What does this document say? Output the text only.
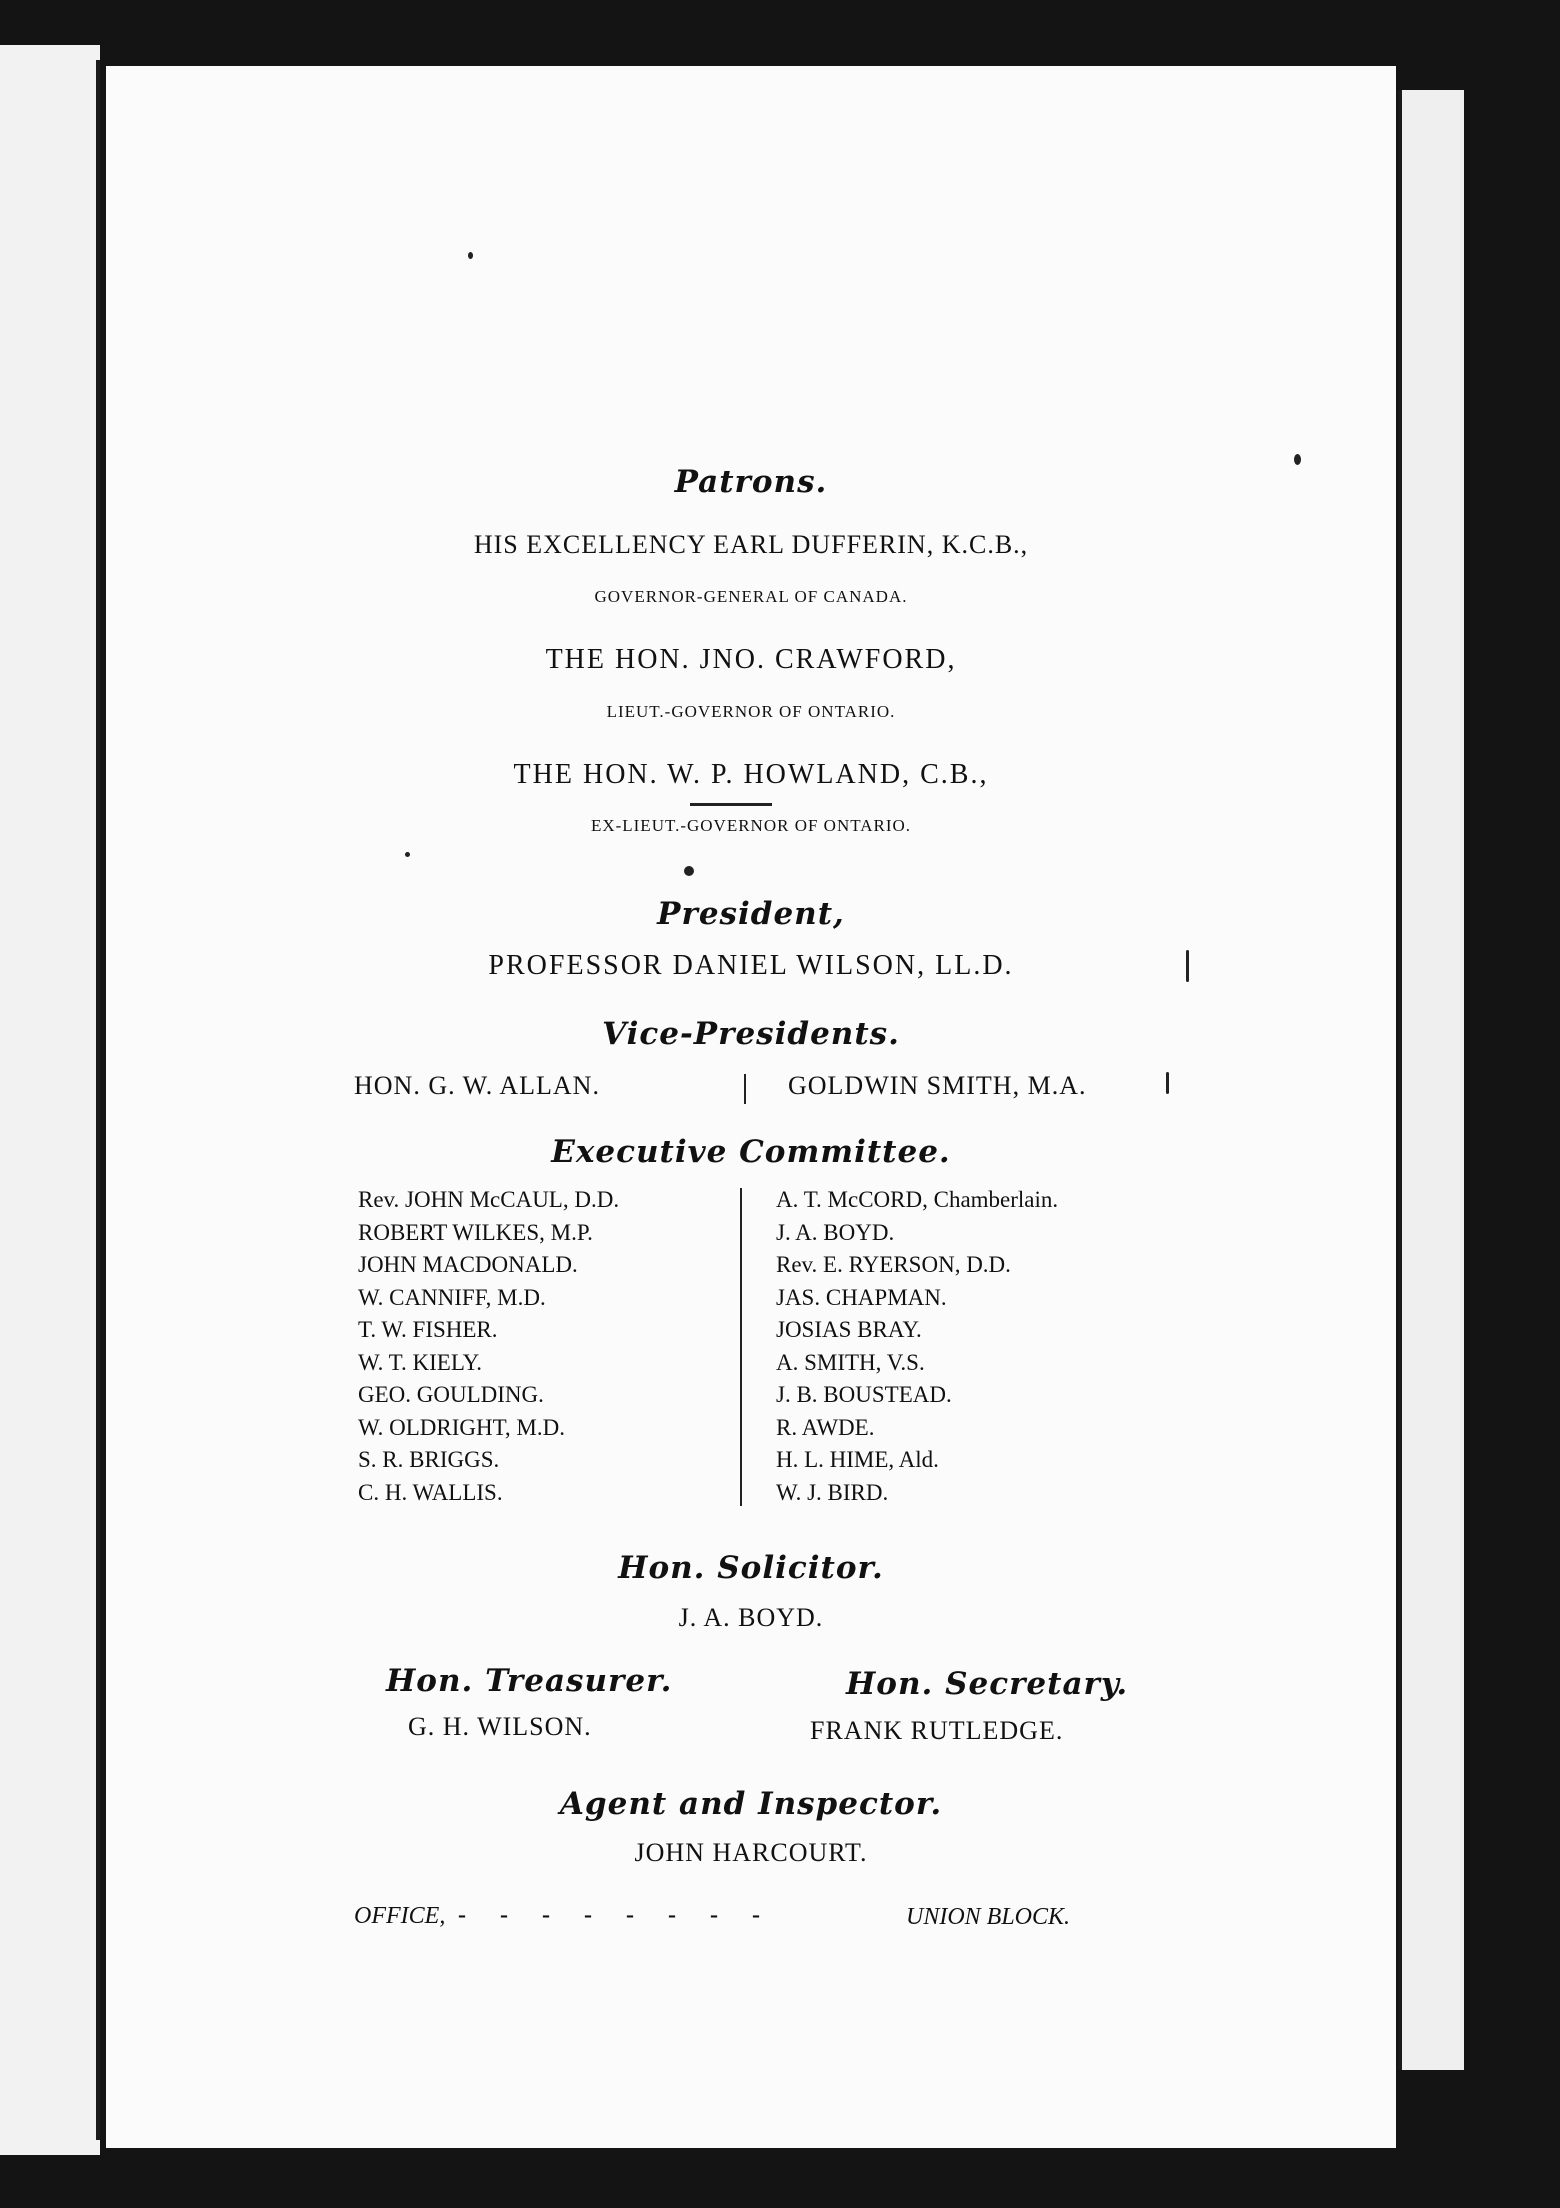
Patrons.

HIS EXCELLENCY EARL DUFFERIN, K.C.B.,

GOVERNOR-GENERAL OF CANADA.

THE HON. JNO. CRAWFORD,

LIEUT.-GOVERNOR OF ONTARIO.

THE HON. W. P. HOWLAND, C.B.,

EX-LIEUT.-GOVERNOR OF ONTARIO.

President,

PROFESSOR DANIEL WILSON, LL.D.

Vice-Presidents.

HON. G. W. ALLAN.	GOLDWIN SMITH, M.A.

Executive Committee.

Rev. JOHN McCAUL, D.D.
ROBERT WILKES, M.P.
JOHN MACDONALD.
W. CANNIFF, M.D.
T. W. FISHER.
W. T. KIELY.
GEO. GOULDING.
W. OLDRIGHT, M.D.
S. R. BRIGGS.
C. H. WALLIS.
A. T. McCORD, Chamberlain.
J. A. BOYD.
Rev. E. RYERSON, D.D.
JAS. CHAPMAN.
JOSIAS BRAY.
A. SMITH, V.S.
J. B. BOUSTEAD.
R. AWDE.
H. L. HIME, Ald.
W. J. BIRD.

Hon. Solicitor.

J. A. BOYD.

Hon. Treasurer.

G. H. WILSON.

Hon. Secretary.

FRANK RUTLEDGE.

Agent and Inspector.

JOHN HARCOURT.

OFFICE, - - - - - - - -	UNION BLOCK.
